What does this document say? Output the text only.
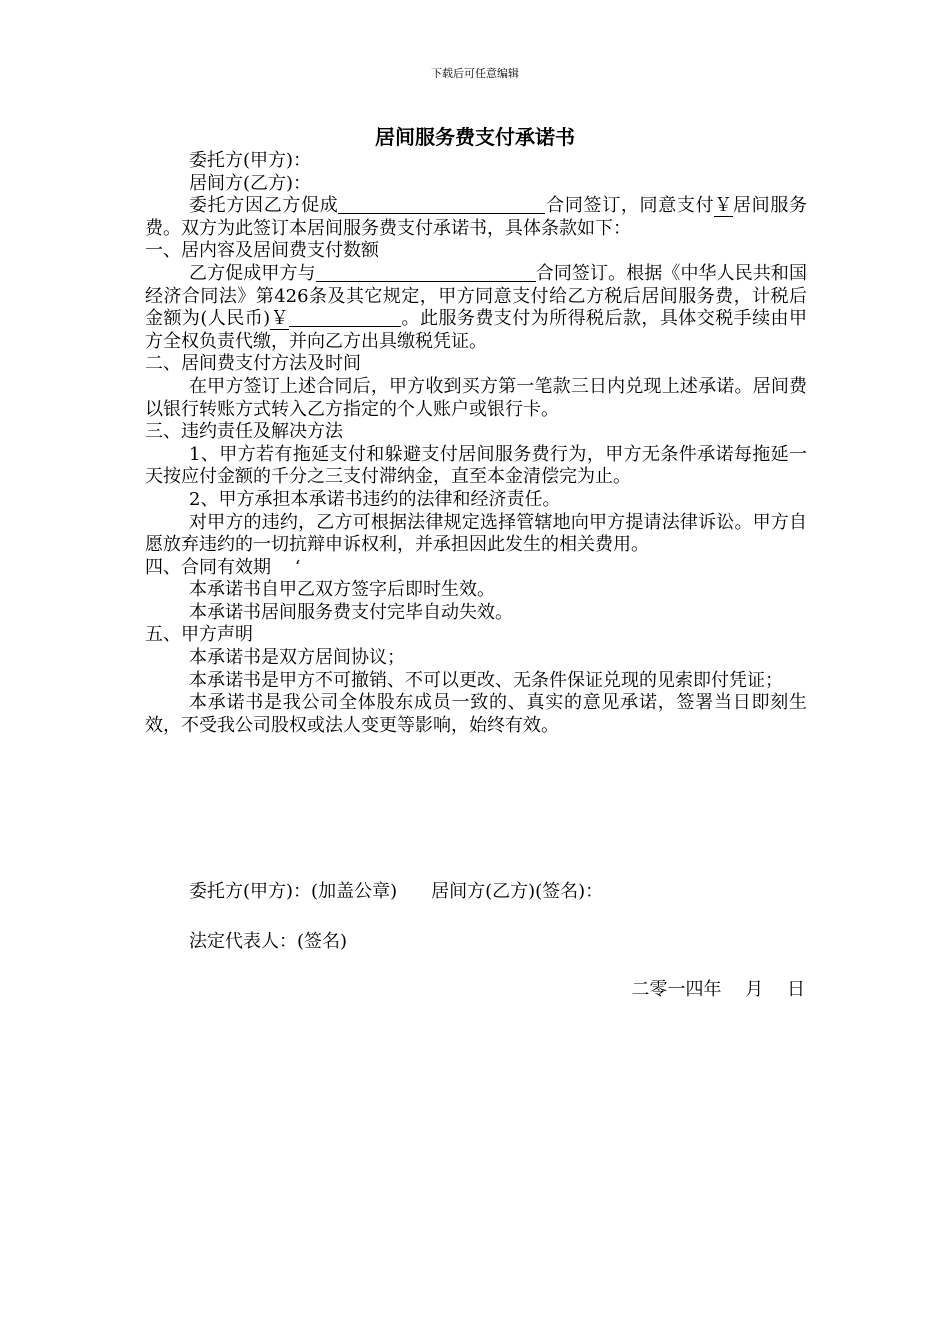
下载后可任意编辑
居间服务费支付承诺书

委托方(甲方)：

居间方(乙方)：

委托方因乙方促成	合同签订，同意支付￥居间服务费。双方为此签订本居间服务费支付承诺书，具体条款如下：

一、居内容及居间费支付数额

乙方促成甲方与	合同签订。根据《中华人民共和国经济合同法》第426条及其它规定，甲方同意支付给乙方税后居间服务费，计税后金额为(人民币)￥	。此服务费支付为所得税后款，具体交税手续由甲方全权负责代缴，并向乙方出具缴税凭证。

二、居间费支付方法及时间

在甲方签订上述合同后，甲方收到买方第一笔款三日内兑现上述承诺。居间费以银行转账方式转入乙方指定的个人账户或银行卡。

三、违约责任及解决方法

1、甲方若有拖延支付和躲避支付居间服务费行为，甲方无条件承诺每拖延一天按应付金额的千分之三支付滞纳金，直至本金清偿完为止。

2、甲方承担本承诺书违约的法律和经济责任。

对甲方的违约，乙方可根据法律规定选择管辖地向甲方提请法律诉讼。甲方自愿放弃违约的一切抗辩申诉权利，并承担因此发生的相关费用。

四、合同有效期　 ‘

本承诺书自甲乙双方签字后即时生效。

本承诺书居间服务费支付完毕自动失效。

五、甲方声明

本承诺书是双方居间协议；

本承诺书是甲方不可撤销、不可以更改、无条件保证兑现的见索即付凭证；

本承诺书是我公司全体股东成员一致的、真实的意见承诺，签署当日即刻生效，不受我公司股权或法人变更等影响，始终有效。

委托方(甲方)：(加盖公章) 居间方(乙方)(签名)：
法定代表人：(签名)
二零一四年　 月　 日
